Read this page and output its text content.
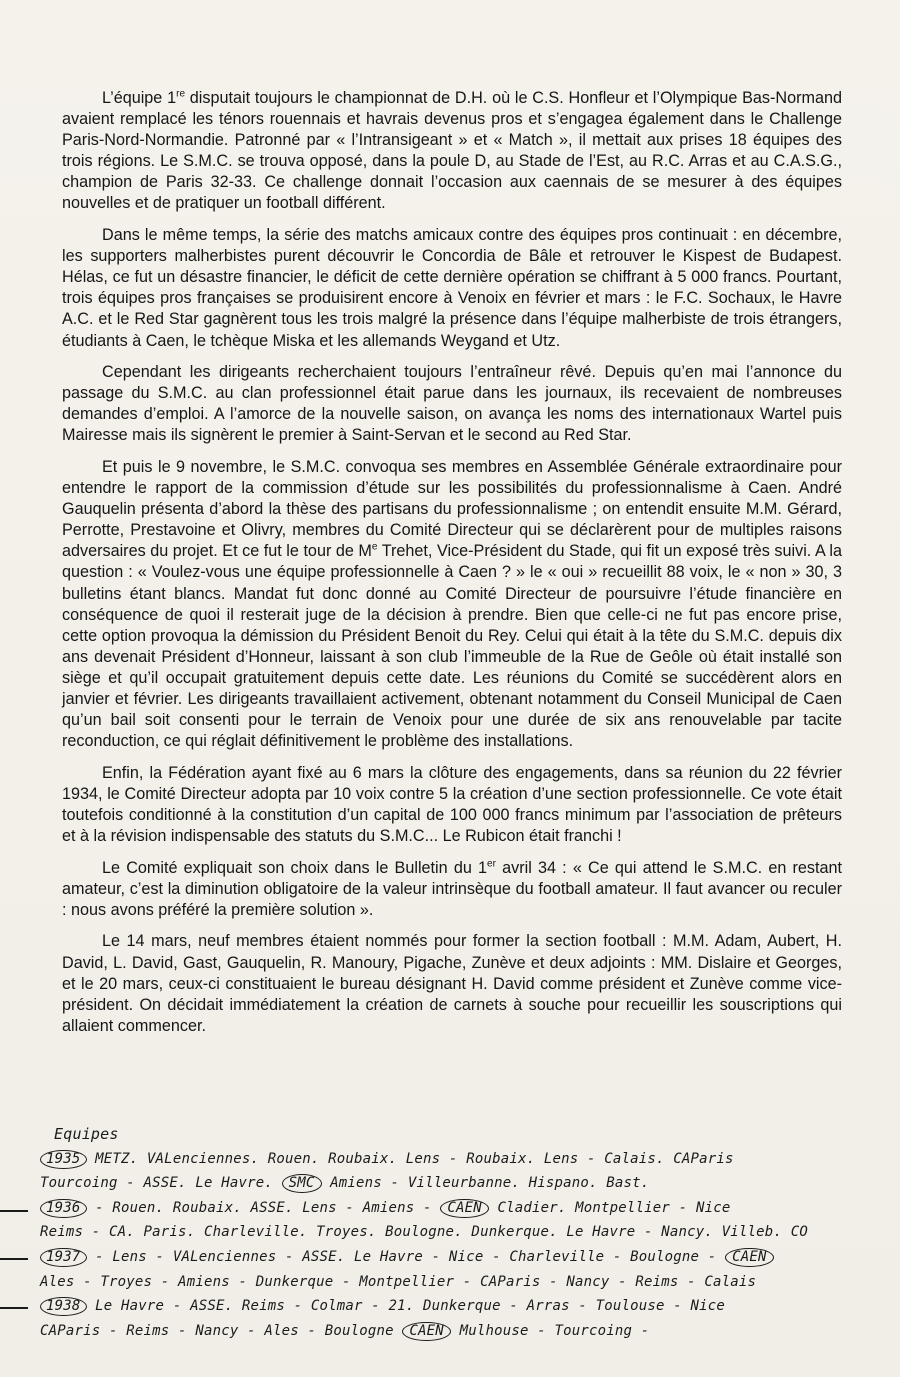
L’équipe 1re disputait toujours le championnat de D.H. où le C.S. Honfleur et l’Olympique Bas-Normand avaient remplacé les ténors rouennais et havrais devenus pros et s’engagea également dans le Challenge Paris-Nord-Normandie. Patronné par « l’Intransigeant » et « Match », il mettait aux prises 18 équipes des trois régions. Le S.M.C. se trouva opposé, dans la poule D, au Stade de l’Est, au R.C. Arras et au C.A.S.G., champion de Paris 32-33. Ce challenge donnait l’occasion aux caennais de se mesurer à des équipes nouvelles et de pratiquer un football différent.

Dans le même temps, la série des matchs amicaux contre des équipes pros continuait : en décembre, les supporters malherbistes purent découvrir le Concordia de Bâle et retrouver le Kispest de Budapest. Hélas, ce fut un désastre financier, le déficit de cette dernière opération se chiffrant à 5 000 francs. Pourtant, trois équipes pros françaises se produisirent encore à Venoix en février et mars : le F.C. Sochaux, le Havre A.C. et le Red Star gagnèrent tous les trois malgré la présence dans l’équipe malherbiste de trois étrangers, étudiants à Caen, le tchèque Miska et les allemands Weygand et Utz.

Cependant les dirigeants recherchaient toujours l’entraîneur rêvé. Depuis qu’en mai l’annonce du passage du S.M.C. au clan professionnel était parue dans les journaux, ils recevaient de nombreuses demandes d’emploi. A l’amorce de la nouvelle saison, on avança les noms des internationaux Wartel puis Mairesse mais ils signèrent le premier à Saint-Servan et le second au Red Star.

Et puis le 9 novembre, le S.M.C. convoqua ses membres en Assemblée Générale extraordinaire pour entendre le rapport de la commission d’étude sur les possibilités du professionnalisme à Caen. André Gauquelin présenta d’abord la thèse des partisans du professionnalisme ; on entendit ensuite M.M. Gérard, Perrotte, Prestavoine et Olivry, membres du Comité Directeur qui se déclarèrent pour de multiples raisons adversaires du projet. Et ce fut le tour de Me Trehet, Vice-Président du Stade, qui fit un exposé très suivi. A la question : « Voulez-vous une équipe professionnelle à Caen ? » le « oui » recueillit 88 voix, le « non » 30, 3 bulletins étant blancs. Mandat fut donc donné au Comité Directeur de poursuivre l’étude financière en conséquence de quoi il resterait juge de la décision à prendre. Bien que celle-ci ne fut pas encore prise, cette option provoqua la démission du Président Benoit du Rey. Celui qui était à la tête du S.M.C. depuis dix ans devenait Président d’Honneur, laissant à son club l’immeuble de la Rue de Geôle où était installé son siège et qu’il occupait gratuitement depuis cette date. Les réunions du Comité se succédèrent alors en janvier et février. Les dirigeants travaillaient activement, obtenant notamment du Conseil Municipal de Caen qu’un bail soit consenti pour le terrain de Venoix pour une durée de six ans renouvelable par tacite reconduction, ce qui réglait définitivement le problème des installations.

Enfin, la Fédération ayant fixé au 6 mars la clôture des engagements, dans sa réunion du 22 février 1934, le Comité Directeur adopta par 10 voix contre 5 la création d’une section professionnelle. Ce vote était toutefois conditionné à la constitution d’un capital de 100 000 francs minimum par l’association de prêteurs et à la révision indispensable des statuts du S.M.C... Le Rubicon était franchi !

Le Comité expliquait son choix dans le Bulletin du 1er avril 34 : « Ce qui attend le S.M.C. en restant amateur, c’est la diminution obligatoire de la valeur intrinsèque du football amateur. Il faut avancer ou reculer : nous avons préféré la première solution ».

Le 14 mars, neuf membres étaient nommés pour former la section football : M.M. Adam, Aubert, H. David, L. David, Gast, Gauquelin, R. Manoury, Pigache, Zunève et deux adjoints : MM. Dislaire et Georges, et le 20 mars, ceux-ci constituaient le bureau désignant H. David comme président et Zunève comme vice-président. On décidait immédiatement la création de carnets à souche pour recueillir les souscriptions qui allaient commencer.

Equipes
1935 METZ. VALenciennes. Rouen. Roubaix. Lens - Roubaix. Lens - Calais. CAParis
Tourcoing - ASSE. Le Havre. SMC Amiens - Villeurbanne. Hispano. Bast.
1936 - Rouen. Roubaix. ASSE. Lens - Amiens - CAEN Cladier. Montpellier - Nice
Reims - CA. Paris. Charleville. Troyes. Boulogne. Dunkerque. Le Havre - Nancy. Villeb. CO
1937 - Lens - VALenciennes - ASSE. Le Havre - Nice - Charleville - Boulogne - CAEN
Ales - Troyes - Amiens - Dunkerque - Montpellier - CAParis - Nancy - Reims - Calais
1938 Le Havre - ASSE. Reims - Colmar - 21. Dunkerque - Arras - Toulouse - Nice
CAParis - Reims - Nancy - Ales - Boulogne CAEN Mulhouse - Tourcoing -
